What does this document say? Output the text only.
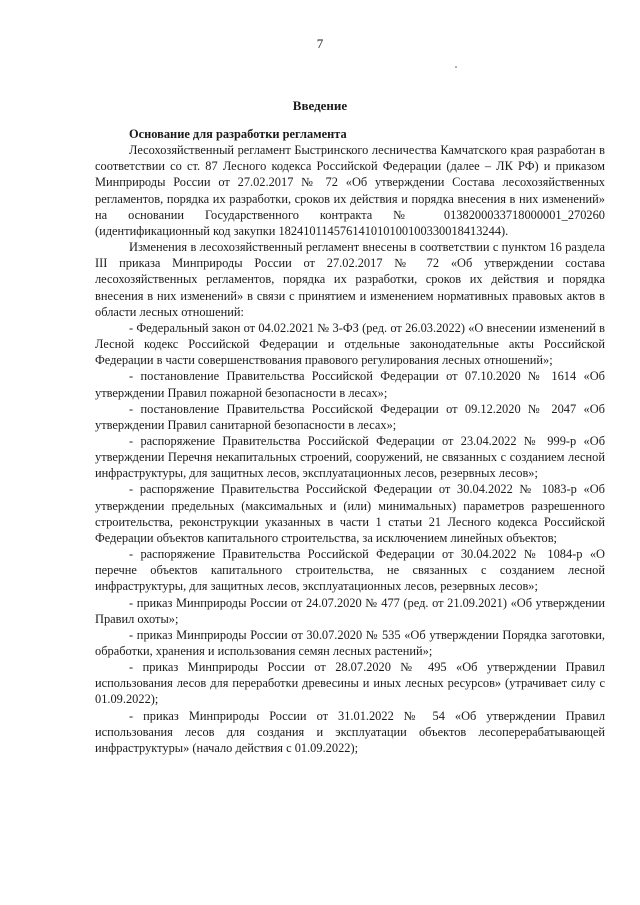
7
Введение
Основание для разработки регламента

Лесохозяйственный регламент Быстринского лесничества Камчатского края разработан в соответствии со ст. 87 Лесного кодекса Российской Федерации (далее – ЛК РФ) и приказом Минприроды России от 27.02.2017 № 72 «Об утверждении Состава лесохозяйственных регламентов, порядка их разработки, сроков их действия и порядка внесения в них изменений» на основании Государственного контракта № 0138200033718000001_270260 (идентификационный код закупки 182410114576141010100100330018413244).

Изменения в лесохозяйственный регламент внесены в соответствии с пунктом 16 раздела III приказа Минприроды России от 27.02.2017 № 72 «Об утверждении состава лесохозяйственных регламентов, порядка их разработки, сроков их действия и порядка внесения в них изменений» в связи с принятием и изменением нормативных правовых актов в области лесных отношений:

- Федеральный закон от 04.02.2021 № 3-ФЗ (ред. от 26.03.2022) «О внесении изменений в Лесной кодекс Российской Федерации и отдельные законодательные акты Российской Федерации в части совершенствования правового регулирования лесных отношений»;

- постановление Правительства Российской Федерации от 07.10.2020 № 1614 «Об утверждении Правил пожарной безопасности в лесах»;

- постановление Правительства Российской Федерации от 09.12.2020 № 2047 «Об утверждении Правил санитарной безопасности в лесах»;

- распоряжение Правительства Российской Федерации от 23.04.2022 № 999-р «Об утверждении Перечня некапитальных строений, сооружений, не связанных с созданием лесной инфраструктуры, для защитных лесов, эксплуатационных лесов, резервных лесов»;

- распоряжение Правительства Российской Федерации от 30.04.2022 № 1083-р «Об утверждении предельных (максимальных и (или) минимальных) параметров разрешенного строительства, реконструкции указанных в части 1 статьи 21 Лесного кодекса Российской Федерации объектов капитального строительства, за исключением линейных объектов;

- распоряжение Правительства Российской Федерации от 30.04.2022 № 1084-р «О перечне объектов капитального строительства, не связанных с созданием лесной инфраструктуры, для защитных лесов, эксплуатационных лесов, резервных лесов»;

- приказ Минприроды России от 24.07.2020 № 477 (ред. от 21.09.2021) «Об утверждении Правил охоты»;

- приказ Минприроды России от 30.07.2020 № 535 «Об утверждении Порядка заготовки, обработки, хранения и использования семян лесных растений»;

- приказ Минприроды России от 28.07.2020 № 495 «Об утверждении Правил использования лесов для переработки древесины и иных лесных ресурсов» (утрачивает силу с 01.09.2022);

- приказ Минприроды России от 31.01.2022 № 54 «Об утверждении Правил использования лесов для создания и эксплуатации объектов лесоперерабатывающей инфраструктуры» (начало действия с 01.09.2022);
